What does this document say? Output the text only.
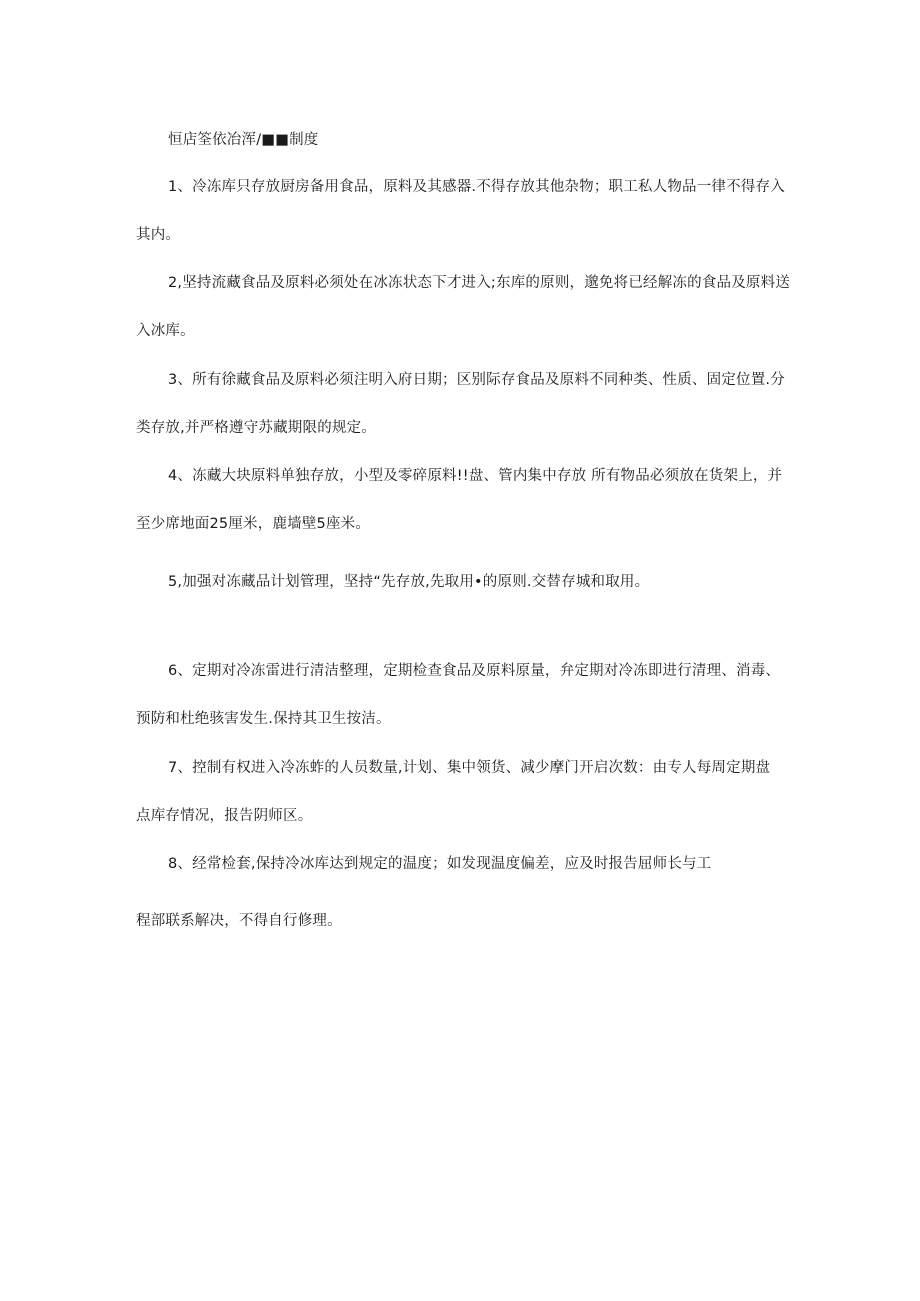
恒店筌依冶浑/■■制度
1、冷冻库只存放厨房备用食品，原料及其感器.不得存放其他杂物；职工私人物品一律不得存入
其内。
2,坚持流藏食品及原料必须处在冰冻状态下才进入;东库的原则，邈免将已经解冻的食品及原料送
入冰库。
3、所有徐藏食品及原料必须注明入府日期；区别际存食品及原料不同种类、性质、固定位置.分
类存放,并严格遵守苏藏期限的规定。
4、冻藏大块原料单独存放，小型及零碎原料!!盘、管内集中存放 所有物品必须放在货架上，并
至少席地面25厘米，鹿墙壁5座米。
5,加强对冻藏品计划管理，坚持“先存放,先取用•的原则.交替存城和取用。
6、定期对冷冻雷进行清洁整理，定期检查食品及原料原量，弁定期对冷冻即进行清理、消毒、
预防和杜绝骇害发生.保持其卫生按洁。
7、控制有权进入冷冻蚱的人员数量,计划、集中领货、减少摩门开启次数：由专人每周定期盘
点库存情况，报告阴师区。
8、经常检套,保持冷冰库达到规定的温度；如发现温度偏差，应及时报告屈师长与工
程部联系解决，不得自行修理。
